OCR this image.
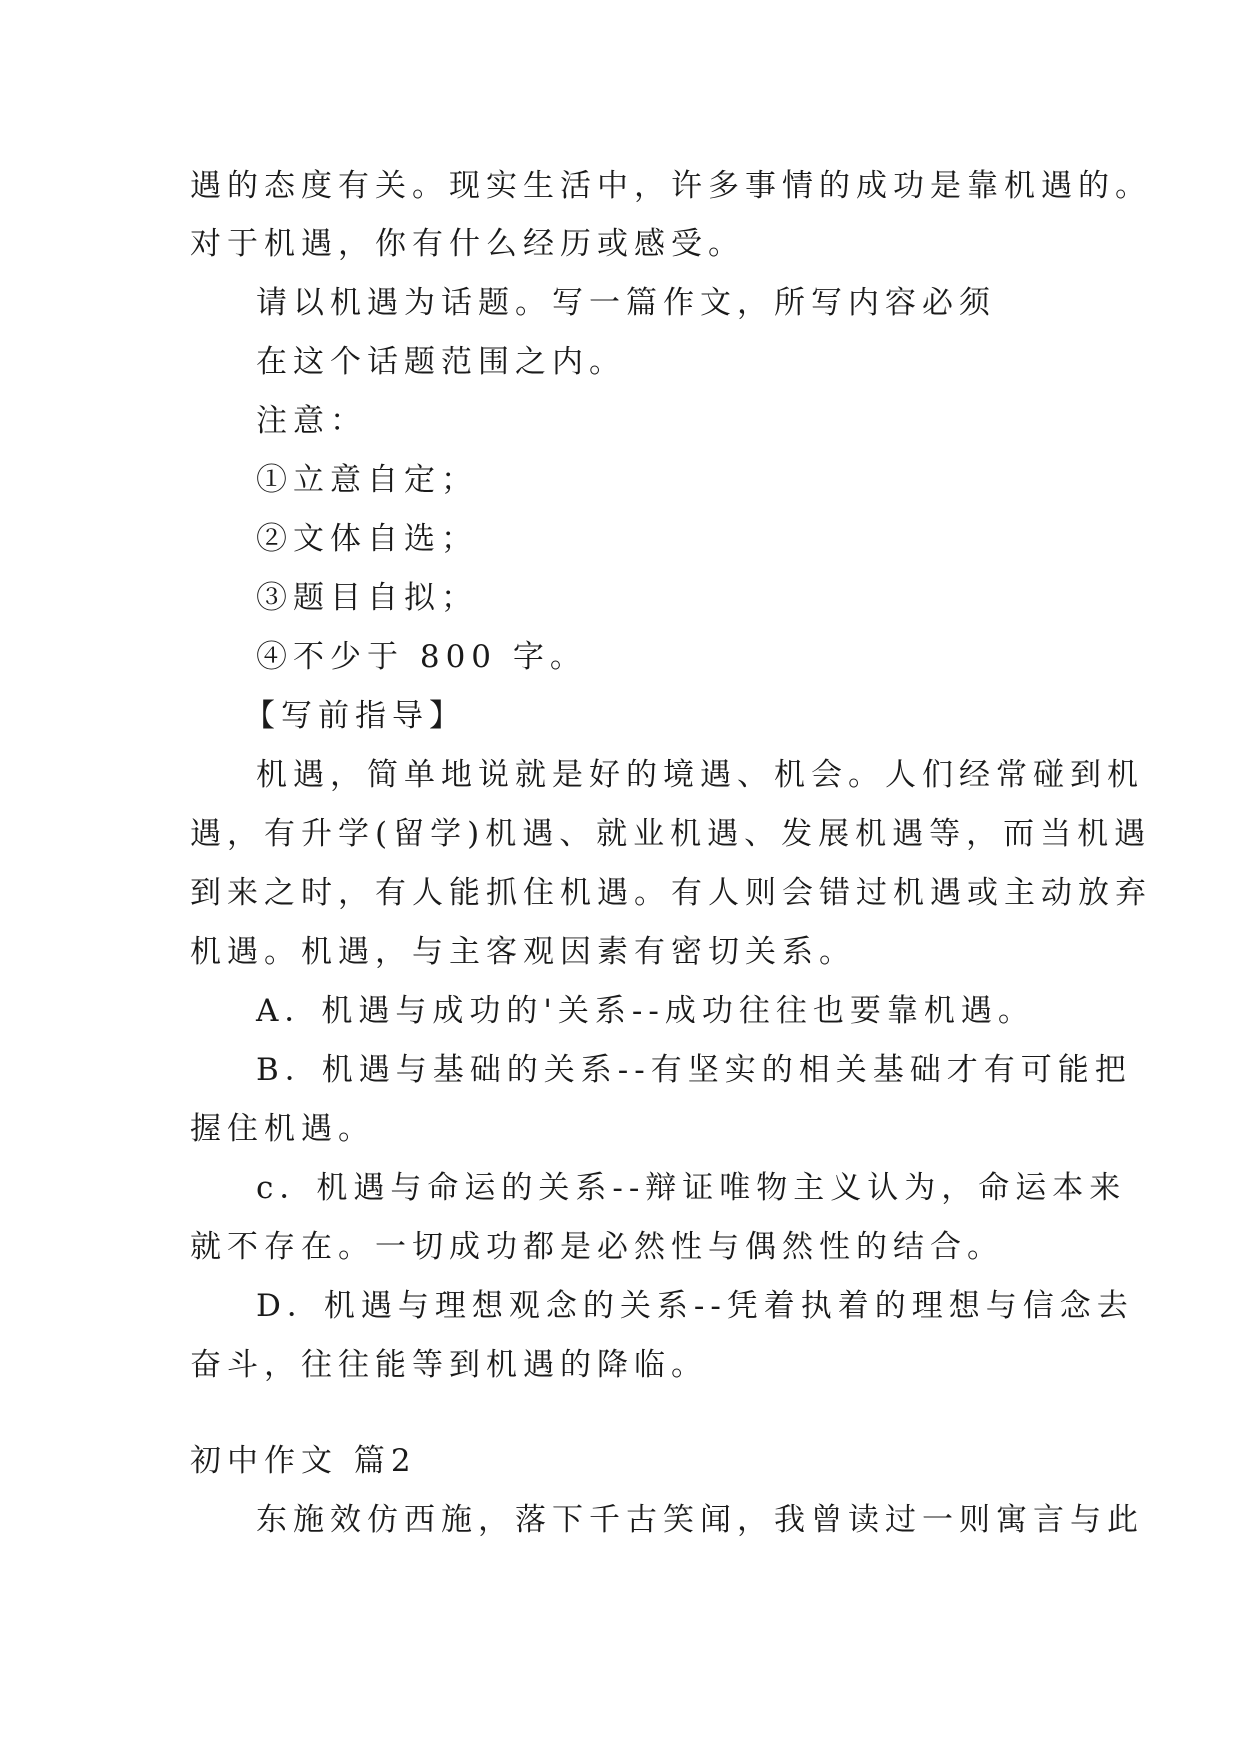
遇的态度有关。现实生活中，许多事情的成功是靠机遇的。
对于机遇，你有什么经历或感受。
请以机遇为话题。写一篇作文，所写内容必须
在这个话题范围之内。
注意：
①立意自定；
②文体自选；
③题目自拟；
④不少于 800 字。
【写前指导】
机遇，简单地说就是好的境遇、机会。人们经常碰到机
遇，有升学(留学)机遇、就业机遇、发展机遇等，而当机遇
到来之时，有人能抓住机遇。有人则会错过机遇或主动放弃
机遇。机遇，与主客观因素有密切关系。
A．机遇与成功的'关系--成功往往也要靠机遇。
B．机遇与基础的关系--有坚实的相关基础才有可能把
握住机遇。
c．机遇与命运的关系--辩证唯物主义认为，命运本来
就不存在。一切成功都是必然性与偶然性的结合。
D．机遇与理想观念的关系--凭着执着的理想与信念去
奋斗，往往能等到机遇的降临。
初中作文 篇2
东施效仿西施，落下千古笑闻，我曾读过一则寓言与此
